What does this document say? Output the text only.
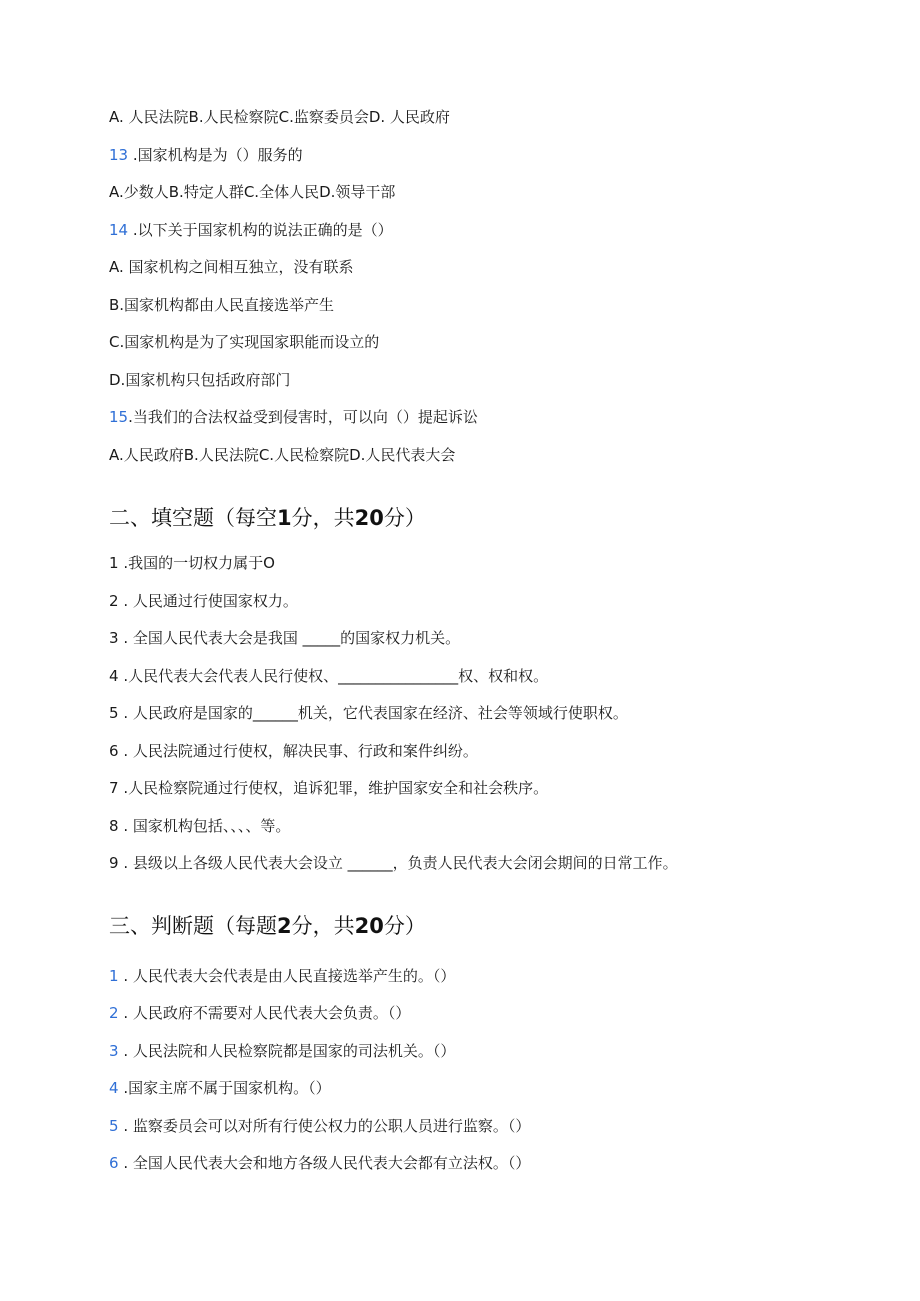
A. 人民法院B.人民检察院C.监察委员会D. 人民政府
13 .国家机构是为（）服务的
A.少数人B.特定人群C.全体人民D.领导干部
14 .以下关于国家机构的说法正确的是（）
A. 国家机构之间相互独立，没有联系
B.国家机构都由人民直接选举产生
C.国家机构是为了实现国家职能而设立的
D.国家机构只包括政府部门
15.当我们的合法权益受到侵害时，可以向（）提起诉讼
A.人民政府B.人民法院C.人民检察院D.人民代表大会
二、填空题（每空1分，共20分）
1 .我国的一切权力属于O
2 . 人民通过行使国家权力。
3 . 全国人民代表大会是我国 _____的国家权力机关。
4 .人民代表大会代表人民行使权、________________权、权和权。
5 . 人民政府是国家的______机关，它代表国家在经济、社会等领域行使职权。
6 . 人民法院通过行使权，解决民事、行政和案件纠纷。
7 .人民检察院通过行使权，追诉犯罪，维护国家安全和社会秩序。
8 . 国家机构包括、、、、等。
9 . 县级以上各级人民代表大会设立 ______，负责人民代表大会闭会期间的日常工作。
三、判断题（每题2分，共20分）
1 . 人民代表大会代表是由人民直接选举产生的。（）
2 . 人民政府不需要对人民代表大会负责。（）
3 . 人民法院和人民检察院都是国家的司法机关。（）
4 .国家主席不属于国家机构。（）
5 . 监察委员会可以对所有行使公权力的公职人员进行监察。（）
6 . 全国人民代表大会和地方各级人民代表大会都有立法权。（）
